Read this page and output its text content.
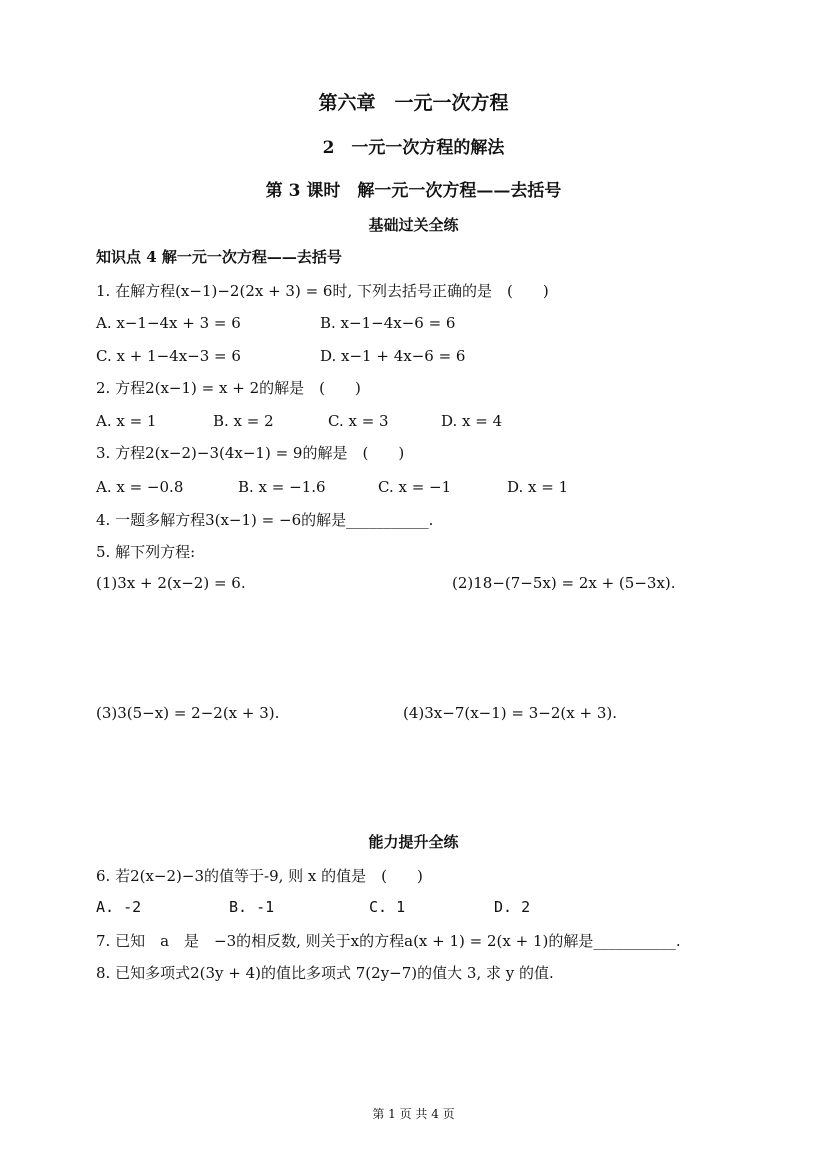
第六章　一元一次方程
2　一元一次方程的解法
第 3 课时　解一元一次方程——去括号
基础过关全练
知识点 4 解一元一次方程——去括号
1. 在解方程(x−1)−2(2x + 3) = 6时, 下列去括号正确的是　(　　)
A. x−1−4x + 3 = 6	B. x−1−4x−6 = 6
C. x + 1−4x−3 = 6	D. x−1 + 4x−6 = 6
2. 方程2(x−1) = x + 2的解是　(　　)
A. x = 1	B. x = 2	C. x = 3	D. x = 4
3. 方程2(x−2)−3(4x−1) = 9的解是　(　　)
A. x = −0.8	B. x = −1.6	C. x = −1	D. x = 1
4. 一题多解方程3(x−1) = −6的解是___________.
5. 解下列方程:
(1)3x + 2(x−2) = 6.	(2)18−(7−5x) = 2x + (5−3x).
(3)3(5−x) = 2−2(x + 3).	(4)3x−7(x−1) = 3−2(x + 3).
能力提升全练
6. 若2(x−2)−3的值等于-9, 则 x 的值是　(　　)
A. -2	B. -1	C. 1	D. 2
7. 已知　a　是　−3的相反数, 则关于x的方程a(x + 1) = 2(x + 1)的解是___________.
8. 已知多项式2(3y + 4)的值比多项式 7(2y−7)的值大 3, 求 y 的值.
第 1 页 共 4 页
